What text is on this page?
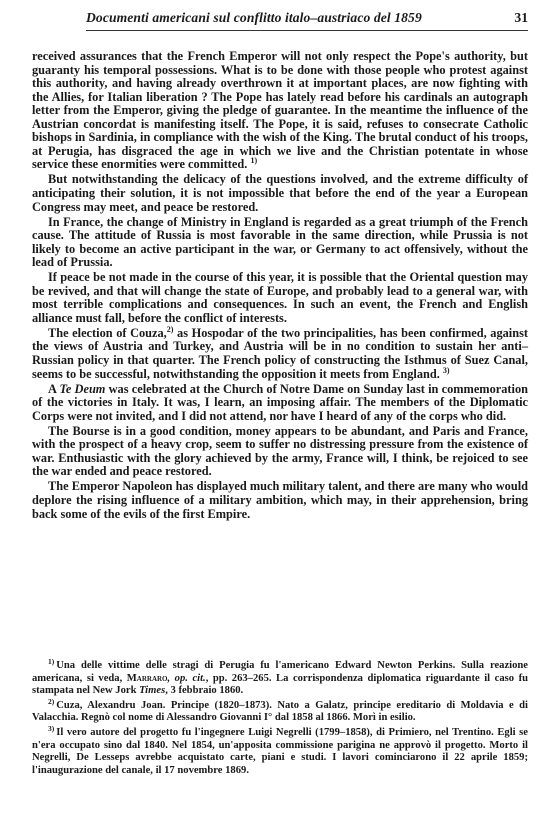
Documenti americani sul conflitto italo–austriaco del 1859	31

received assurances that the French Emperor will not only respect the Pope's authority, but guaranty his temporal possessions. What is to be done with those people who protest against this authority, and having already overthrown it at important places, are now fighting with the Allies, for Italian liberation ? The Pope has lately read before his cardinals an autograph letter from the Emperor, giving the pledge of guarantee. In the meantime the influence of the Austrian concordat is manifesting itself. The Pope, it is said, refuses to consecrate Catholic bishops in Sardinia, in compliance with the wish of the King. The brutal conduct of his troops, at Perugia, has disgraced the age in which we live and the Christian potentate in whose service these enormities were committed. $^{1)}$

But notwithstanding the delicacy of the questions involved, and the extreme difficulty of anticipating their solution, it is not impossible that before the end of the year a European Congress may meet, and peace be restored.

In France, the change of Ministry in England is regarded as a great triumph of the French cause. The attitude of Russia is most favorable in the same direction, while Prussia is not likely to become an active participant in the war, or Germany to act offensively, without the lead of Prussia.

If peace be not made in the course of this year, it is possible that the Oriental question may be revived, and that will change the state of Europe, and probably lead to a general war, with most terrible complications and consequences. In such an event, the French and English alliance must fall, before the conflict of interests.

The election of Couza,$^{2)}$ as Hospodar of the two principalities, has been confirmed, against the views of Austria and Turkey, and Austria will be in no condition to sustain her anti–Russian policy in that quarter. The French policy of constructing the Isthmus of Suez Canal, seems to be successful, notwithstanding the opposition it meets from England. $^{3)}$

A Te Deum was celebrated at the Church of Notre Dame on Sunday last in commemoration of the victories in Italy. It was, I learn, an imposing affair. The members of the Diplomatic Corps were not invited, and I did not attend, nor have I heard of any of the corps who did.

The Bourse is in a good condition, money appears to be abundant, and Paris and France, with the prospect of a heavy crop, seem to suffer no distressing pressure from the existence of war. Enthusiastic with the glory achieved by the army, France will, I think, be rejoiced to see the war ended and peace restored.

The Emperor Napoleon has displayed much military talent, and there are many who would deplore the rising influence of a military ambition, which may, in their apprehension, bring back some of the evils of the first Empire.

$^{1)}$ Una delle vittime delle stragi di Perugia fu l'americano Edward Newton Perkins. Sulla reazione americana, si veda, Marraro, op. cit., pp. 263–265. La corrispondenza diplomatica riguardante il caso fu stampata nel New Jork Times, 3 febbraio 1860.

$^{2)}$ Cuza, Alexandru Joan. Principe (1820–1873). Nato a Galatz, principe ereditario di Moldavia e di Valacchia. Regnò col nome di Alessandro Giovanni I° dal 1858 al 1866. Morì in esilio.

$^{3)}$ Il vero autore del progetto fu l'ingegnere Luigi Negrelli (1799–1858), di Primiero, nel Trentino. Egli se n'era occupato sino dal 1840. Nel 1854, un'apposita commissione parigina ne approvò il progetto. Morto il Negrelli, De Lesseps avrebbe acquistato carte, piani e studi. I lavori cominciarono il 22 aprile 1859; l'inaugurazione del canale, il 17 novembre 1869.
